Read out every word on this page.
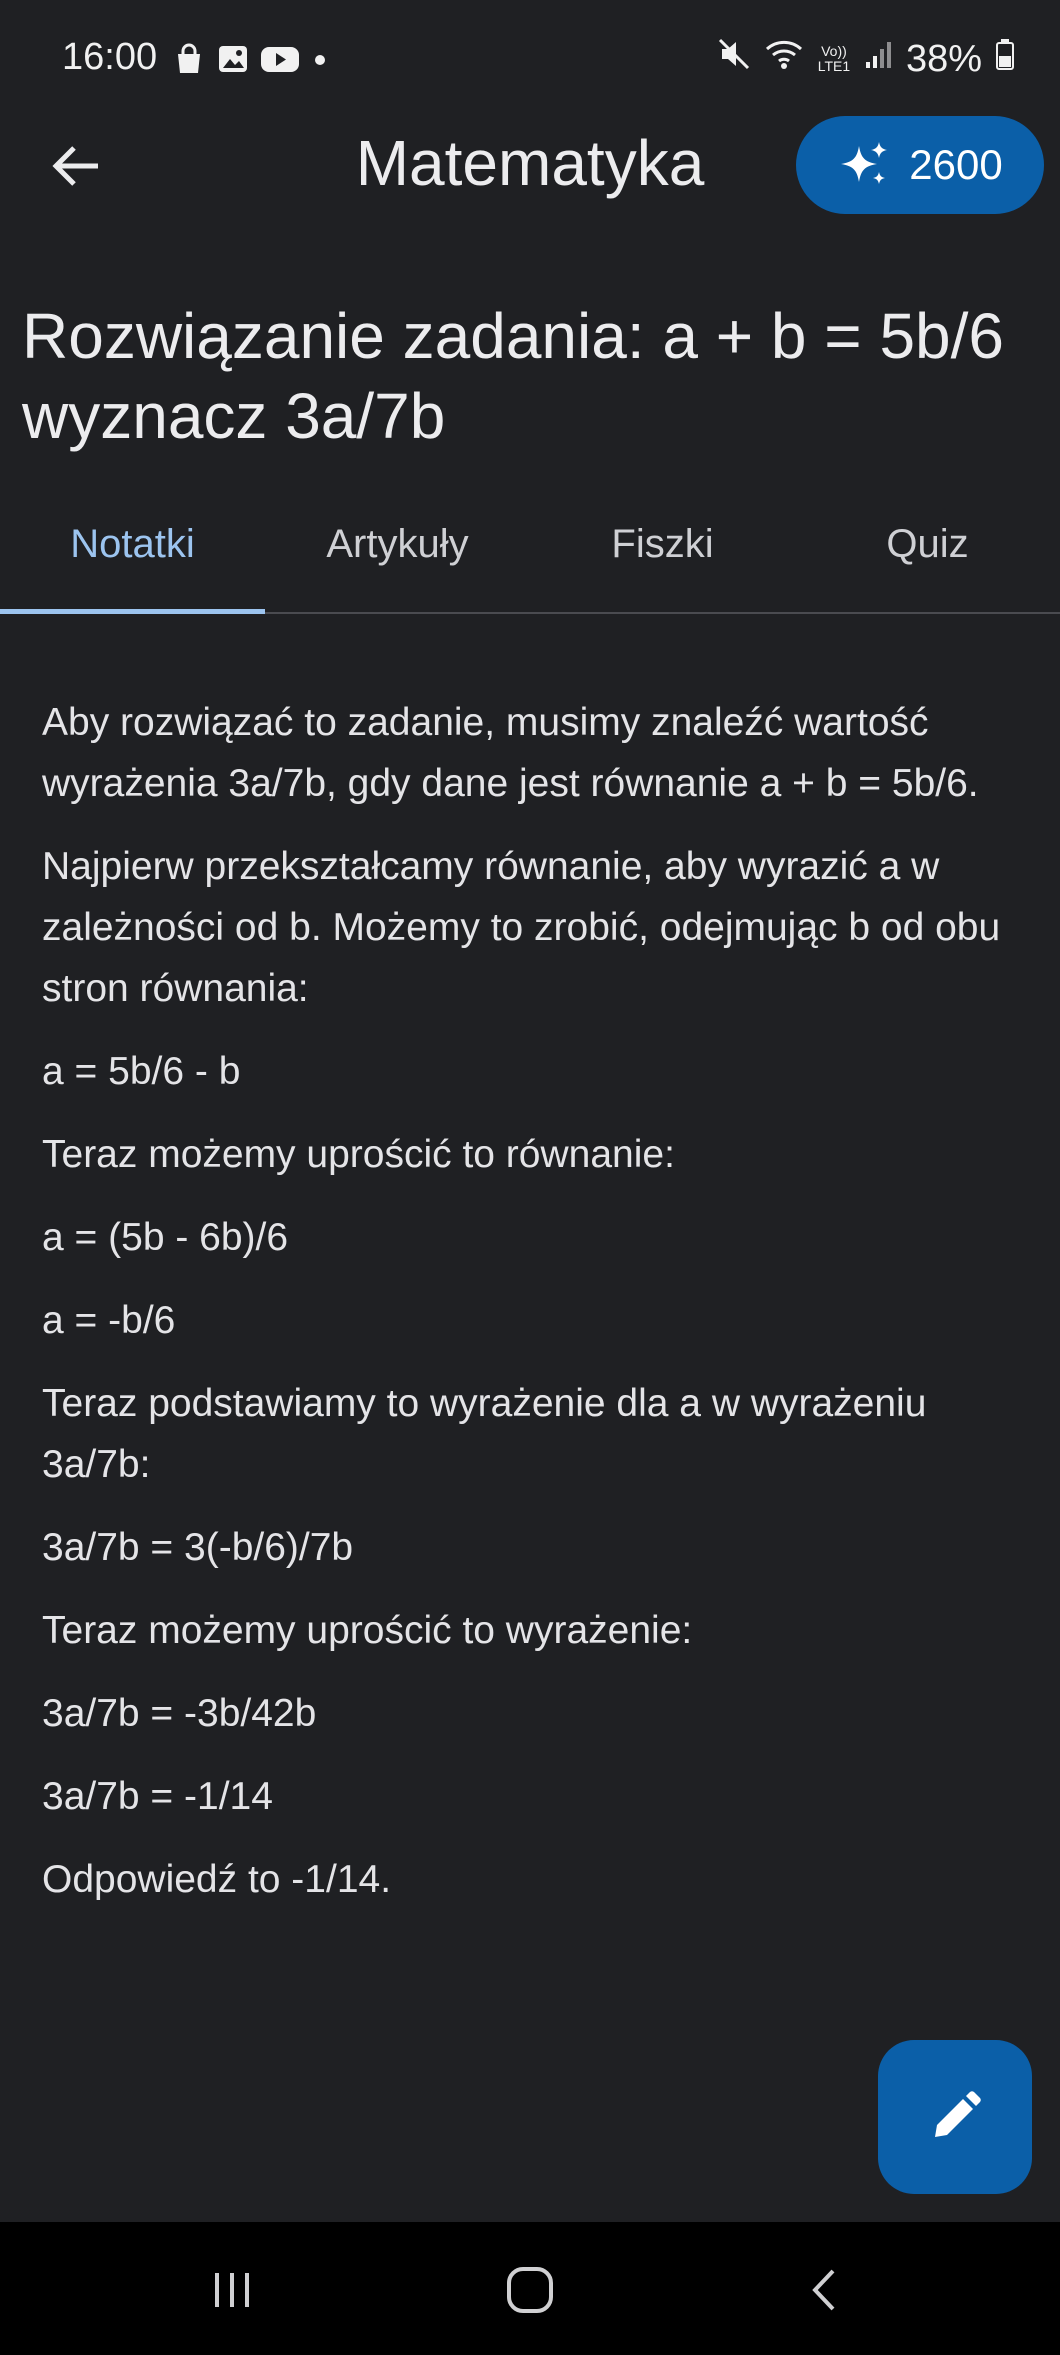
16:00	Vo)) LTE1 38%
Matematyka	2600
Rozwiązanie zadania: a + b = 5b/6 wyznacz 3a/7b
Notatki	Artykuły	Fiszki	Quiz

Aby rozwiązać to zadanie, musimy znaleźć wartość wyrażenia 3a/7b, gdy dane jest równanie a + b = 5b/6.

Najpierw przekształcamy równanie, aby wyrazić a w zależności od b. Możemy to zrobić, odejmując b od obu stron równania:

a = 5b/6 - b

Teraz możemy uprościć to równanie:

a = (5b - 6b)/6

a = -b/6

Teraz podstawiamy to wyrażenie dla a w wyrażeniu 3a/7b:

3a/7b = 3(-b/6)/7b

Teraz możemy uprościć to wyrażenie:

3a/7b = -3b/42b

3a/7b = -1/14

Odpowiedź to -1/14.
